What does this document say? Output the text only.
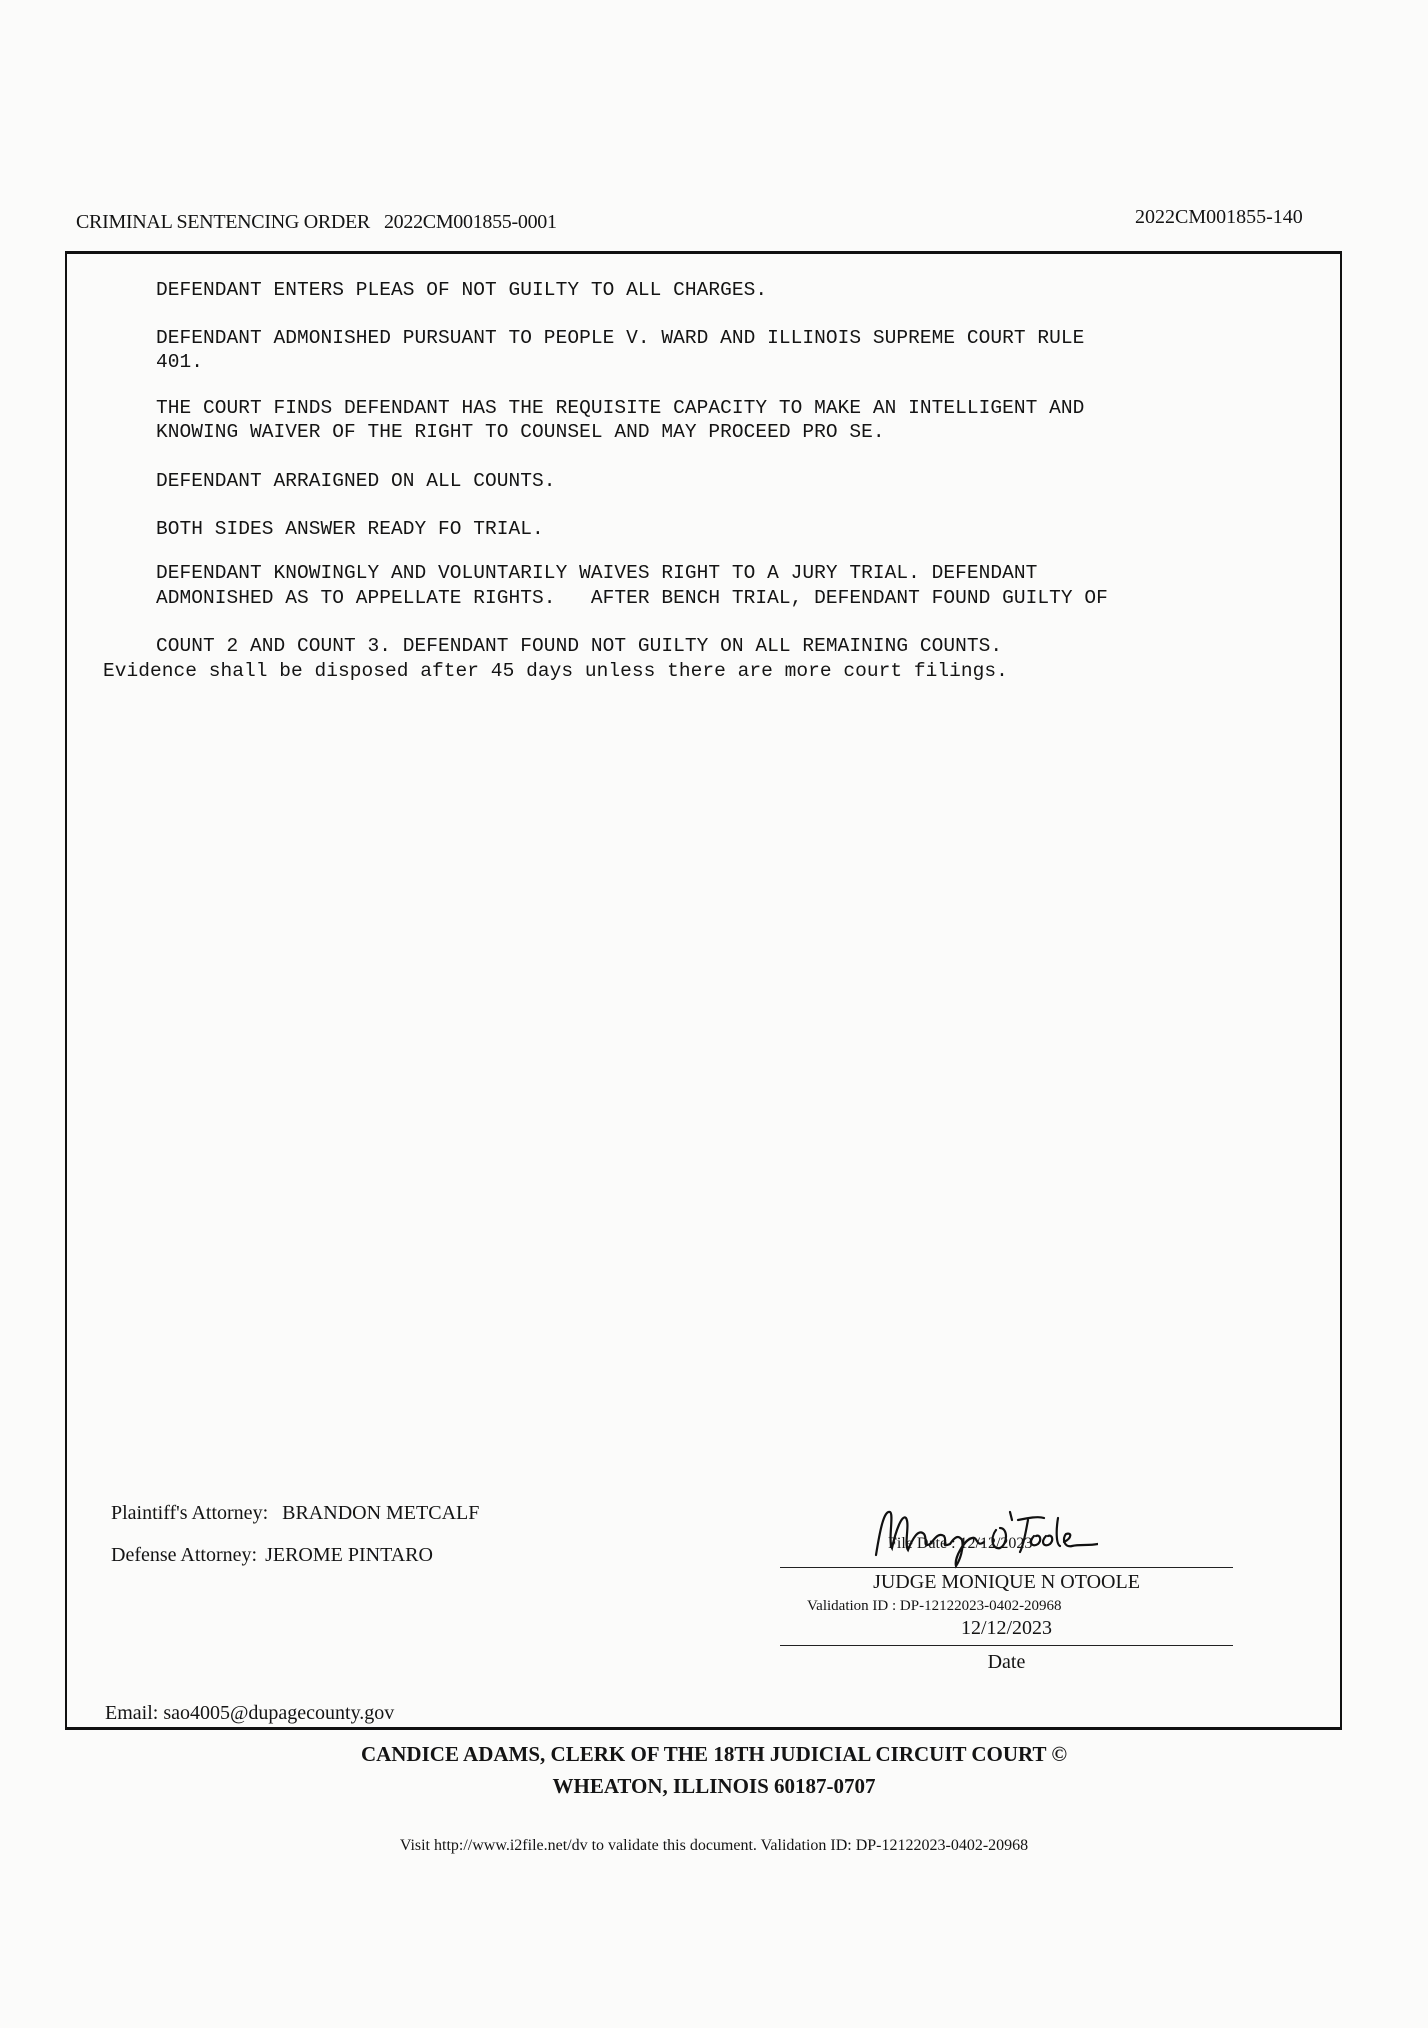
CRIMINAL SENTENCING ORDER 2022CM001855-0001	2022CM001855-140
DEFENDANT ENTERS PLEAS OF NOT GUILTY TO ALL CHARGES.
DEFENDANT ADMONISHED PURSUANT TO PEOPLE V. WARD AND ILLINOIS SUPREME COURT RULE
401.
THE COURT FINDS DEFENDANT HAS THE REQUISITE CAPACITY TO MAKE AN INTELLIGENT AND
KNOWING WAIVER OF THE RIGHT TO COUNSEL AND MAY PROCEED PRO SE.
DEFENDANT ARRAIGNED ON ALL COUNTS.
BOTH SIDES ANSWER READY FO TRIAL.
DEFENDANT KNOWINGLY AND VOLUNTARILY WAIVES RIGHT TO A JURY TRIAL. DEFENDANT
ADMONISHED AS TO APPELLATE RIGHTS.   AFTER BENCH TRIAL, DEFENDANT FOUND GUILTY OF
COUNT 2 AND COUNT 3. DEFENDANT FOUND NOT GUILTY ON ALL REMAINING COUNTS.
Evidence shall be disposed after 45 days unless there are more court filings.
Plaintiff's Attorney: BRANDON METCALF
Defense Attorney: JEROME PINTARO
Email: sao4005@dupagecounty.gov
File Date : 12/12/2023
JUDGE MONIQUE N OTOOLE
Validation ID : DP-12122023-0402-20968
12/12/2023
Date
CANDICE ADAMS, CLERK OF THE 18TH JUDICIAL CIRCUIT COURT ©
WHEATON, ILLINOIS 60187-0707
Visit http://www.i2file.net/dv to validate this document. Validation ID: DP-12122023-0402-20968
